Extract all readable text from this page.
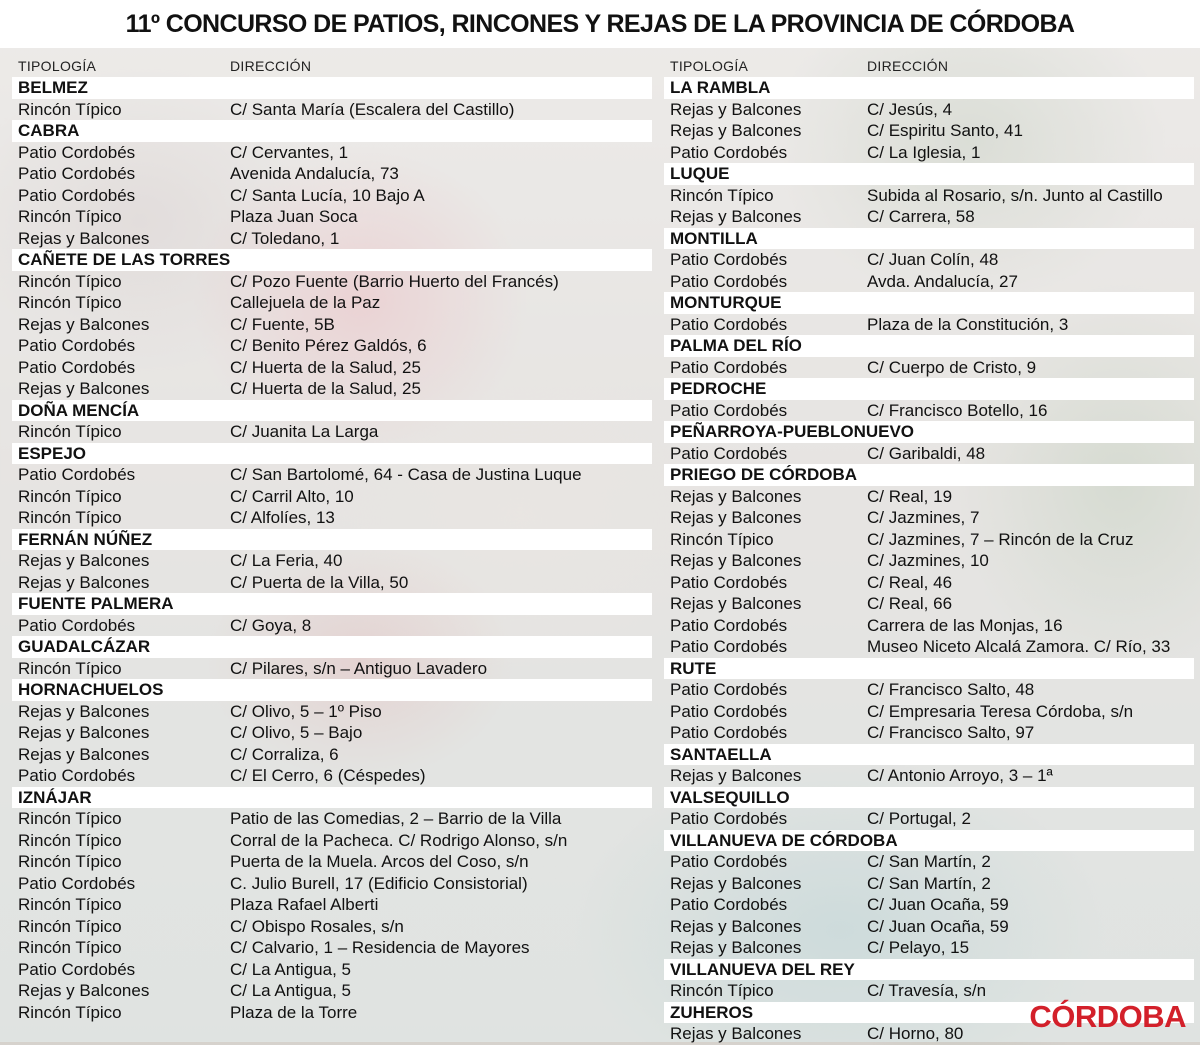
11º CONCURSO DE PATIOS, RINCONES Y REJAS DE LA PROVINCIA DE CÓRDOBA
TIPOLOGÍA	DIRECCIÓN
BELMEZ
Rincón Típico	C/ Santa María (Escalera del Castillo)
CABRA
Patio Cordobés	C/ Cervantes, 1
Patio Cordobés	Avenida Andalucía, 73
Patio Cordobés	C/ Santa Lucía, 10 Bajo A
Rincón Típico	Plaza Juan Soca
Rejas y Balcones	C/ Toledano, 1
CAÑETE DE LAS TORRES
Rincón Típico	C/ Pozo Fuente (Barrio Huerto del Francés)
Rincón Típico	Callejuela de la Paz
Rejas y Balcones	C/ Fuente, 5B
Patio Cordobés	C/ Benito Pérez Galdós, 6
Patio Cordobés	C/ Huerta de la Salud, 25
Rejas y Balcones	C/ Huerta de la Salud, 25
DOÑA MENCÍA
Rincón Típico	C/ Juanita La Larga
ESPEJO
Patio Cordobés	C/ San Bartolomé, 64 - Casa de Justina Luque
Rincón Típico	C/ Carril Alto, 10
Rincón Típico	C/ Alfolíes, 13
FERNÁN NÚÑEZ
Rejas y Balcones	C/ La Feria, 40
Rejas y Balcones	C/ Puerta de la Villa, 50
FUENTE PALMERA
Patio Cordobés	C/ Goya, 8
GUADALCÁZAR
Rincón Típico	C/ Pilares, s/n – Antiguo Lavadero
HORNACHUELOS
Rejas y Balcones	C/ Olivo, 5 – 1º Piso
Rejas y Balcones	C/ Olivo, 5 – Bajo
Rejas y Balcones	C/ Corraliza, 6
Patio Cordobés	C/ El Cerro, 6 (Céspedes)
IZNÁJAR
Rincón Típico	Patio de las Comedias, 2 – Barrio de la Villa
Rincón Típico	Corral de la Pacheca. C/ Rodrigo Alonso, s/n
Rincón Típico	Puerta de la Muela. Arcos del Coso, s/n
Patio Cordobés	C. Julio Burell, 17 (Edificio Consistorial)
Rincón Típico	Plaza Rafael Alberti
Rincón Típico	C/ Obispo Rosales, s/n
Rincón Típico	C/ Calvario, 1 – Residencia de Mayores
Patio Cordobés	C/ La Antigua, 5
Rejas y Balcones	C/ La Antigua, 5
Rincón Típico	Plaza de la Torre
TIPOLOGÍA	DIRECCIÓN
LA RAMBLA
Rejas y Balcones	C/ Jesús, 4
Rejas y Balcones	C/ Espiritu Santo, 41
Patio Cordobés	C/ La Iglesia, 1
LUQUE
Rincón Típico	Subida al Rosario, s/n. Junto al Castillo
Rejas y Balcones	C/ Carrera, 58
MONTILLA
Patio Cordobés	C/ Juan Colín, 48
Patio Cordobés	Avda. Andalucía, 27
MONTURQUE
Patio Cordobés	Plaza de la Constitución, 3
PALMA DEL RÍO
Patio Cordobés	C/ Cuerpo de Cristo, 9
PEDROCHE
Patio Cordobés	C/ Francisco Botello, 16
PEÑARROYA-PUEBLONUEVO
Patio Cordobés	C/ Garibaldi, 48
PRIEGO DE CÓRDOBA
Rejas y Balcones	C/ Real, 19
Rejas y Balcones	C/ Jazmines, 7
Rincón Típico	C/ Jazmines, 7 – Rincón de la Cruz
Rejas y Balcones	C/ Jazmines, 10
Patio Cordobés	C/ Real, 46
Rejas y Balcones	C/ Real, 66
Patio Cordobés	Carrera de las Monjas, 16
Patio Cordobés	Museo Niceto Alcalá Zamora. C/ Río, 33
RUTE
Patio Cordobés	C/ Francisco Salto, 48
Patio Cordobés	C/ Empresaria Teresa Córdoba, s/n
Patio Cordobés	C/ Francisco Salto, 97
SANTAELLA
Rejas y Balcones	C/ Antonio Arroyo, 3 – 1ª
VALSEQUILLO
Patio Cordobés	C/ Portugal, 2
VILLANUEVA DE CÓRDOBA
Patio Cordobés	C/ San Martín, 2
Rejas y Balcones	C/ San Martín, 2
Patio Cordobés	C/ Juan Ocaña, 59
Rejas y Balcones	C/ Juan Ocaña, 59
Rejas y Balcones	C/ Pelayo, 15
VILLANUEVA DEL REY
Rincón Típico	C/ Travesía, s/n
ZUHEROS
Rejas y Balcones	C/ Horno, 80 CÓRDOBA
